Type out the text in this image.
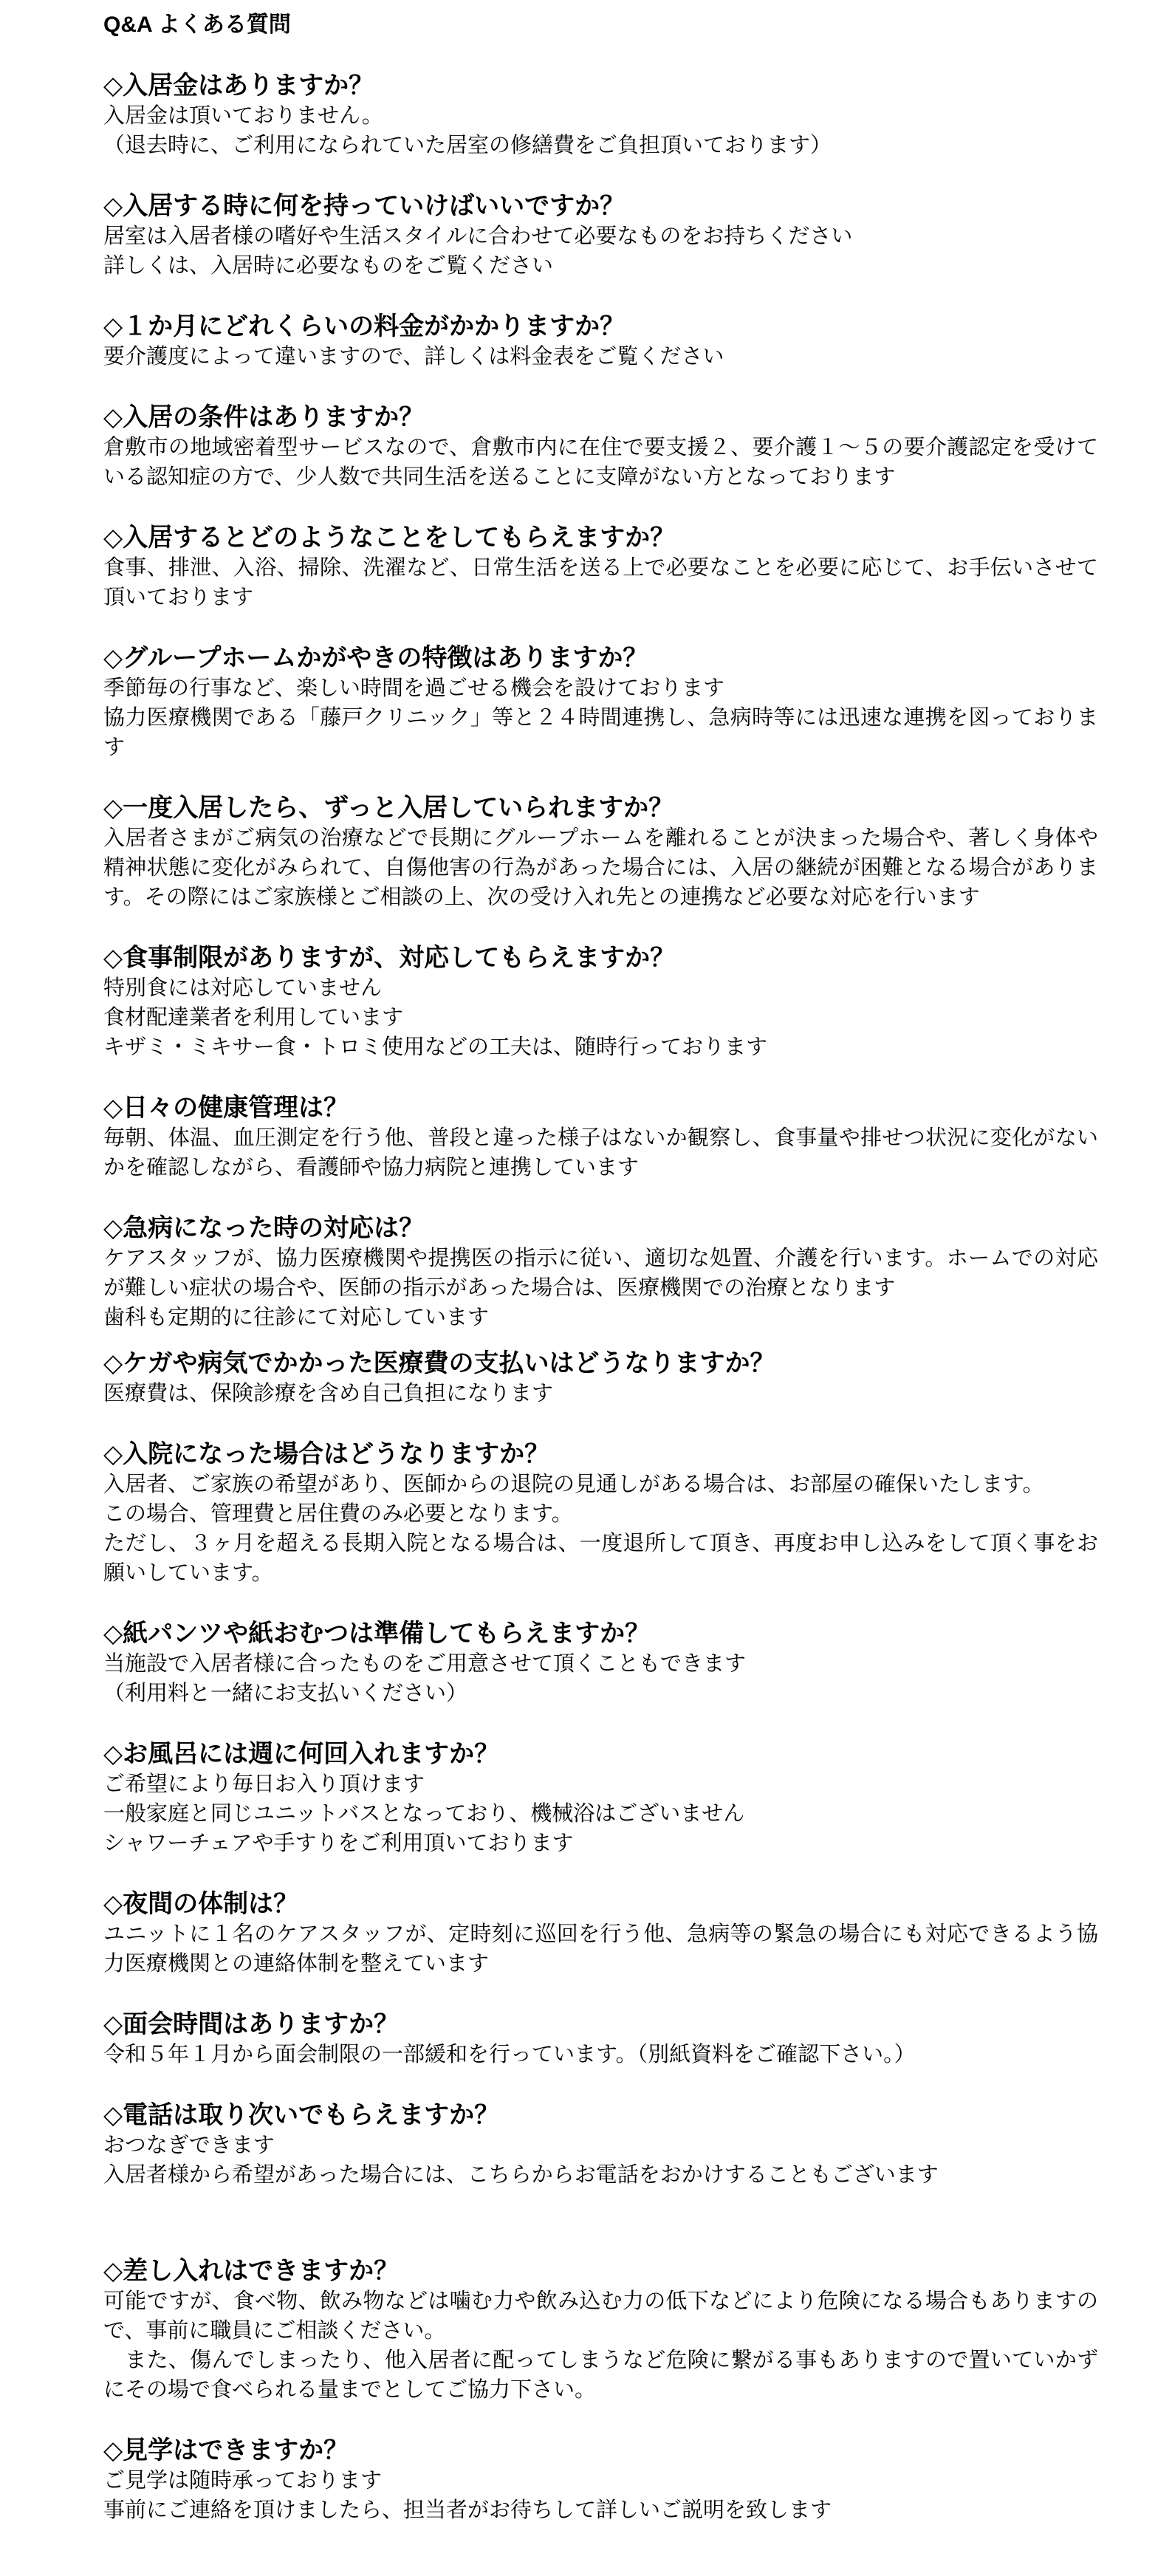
Q&A よくある質問
◇入居金はありますか？

入居金は頂いておりません。

（退去時に、ご利用になられていた居室の修繕費をご負担頂いております）

◇入居する時に何を持っていけばいいですか？

居室は入居者様の嗜好や生活スタイルに合わせて必要なものをお持ちください

詳しくは、入居時に必要なものをご覧ください

◇１か月にどれくらいの料金がかかりますか？

要介護度によって違いますので、詳しくは料金表をご覧ください

◇入居の条件はありますか？

倉敷市の地域密着型サービスなので、倉敷市内に在住で要支援２、要介護１～５の要介護認定を受けている認知症の方で、少人数で共同生活を送ることに支障がない方となっております

◇入居するとどのようなことをしてもらえますか？

食事、排泄、入浴、掃除、洗濯など、日常生活を送る上で必要なことを必要に応じて、お手伝いさせて頂いております

◇グループホームかがやきの特徴はありますか？

季節毎の行事など、楽しい時間を過ごせる機会を設けております

協力医療機関である「藤戸クリニック」等と２４時間連携し、急病時等には迅速な連携を図っております

◇一度入居したら、ずっと入居していられますか？

入居者さまがご病気の治療などで長期にグループホームを離れることが決まった場合や、著しく身体や精神状態に変化がみられて、自傷他害の行為があった場合には、入居の継続が困難となる場合があります。その際にはご家族様とご相談の上、次の受け入れ先との連携など必要な対応を行います

◇食事制限がありますが、対応してもらえますか？

特別食には対応していません

食材配達業者を利用しています

キザミ・ミキサー食・トロミ使用などの工夫は、随時行っております

◇日々の健康管理は？

毎朝、体温、血圧測定を行う他、普段と違った様子はないか観察し、食事量や排せつ状況に変化がないかを確認しながら、看護師や協力病院と連携しています

◇急病になった時の対応は？

ケアスタッフが、協力医療機関や提携医の指示に従い、適切な処置、介護を行います。ホームでの対応が難しい症状の場合や、医師の指示があった場合は、医療機関での治療となります

歯科も定期的に往診にて対応しています

◇ケガや病気でかかった医療費の支払いはどうなりますか？

医療費は、保険診療を含め自己負担になります

◇入院になった場合はどうなりますか？

入居者、ご家族の希望があり、医師からの退院の見通しがある場合は、お部屋の確保いたします。

この場合、管理費と居住費のみ必要となります。

ただし、３ヶ月を超える長期入院となる場合は、一度退所して頂き、再度お申し込みをして頂く事をお願いしています。

◇紙パンツや紙おむつは準備してもらえますか？

当施設で入居者様に合ったものをご用意させて頂くこともできます

（利用料と一緒にお支払いください）

◇お風呂には週に何回入れますか？

ご希望により毎日お入り頂けます

一般家庭と同じユニットバスとなっており、機械浴はございません

シャワーチェアや手すりをご利用頂いております

◇夜間の体制は？

ユニットに１名のケアスタッフが、定時刻に巡回を行う他、急病等の緊急の場合にも対応できるよう協力医療機関との連絡体制を整えています

◇面会時間はありますか？

令和５年１月から面会制限の一部緩和を行っています。（別紙資料をご確認下さい。）

◇電話は取り次いでもらえますか？

おつなぎできます

入居者様から希望があった場合には、こちらからお電話をおかけすることもございます

◇差し入れはできますか？

可能ですが、食べ物、飲み物などは噛む力や飲み込む力の低下などにより危険になる場合もありますので、事前に職員にご相談ください。

　また、傷んでしまったり、他入居者に配ってしまうなど危険に繋がる事もありますので置いていかずにその場で食べられる量までとしてご協力下さい。

◇見学はできますか？

ご見学は随時承っております

事前にご連絡を頂けましたら、担当者がお待ちして詳しいご説明を致します
